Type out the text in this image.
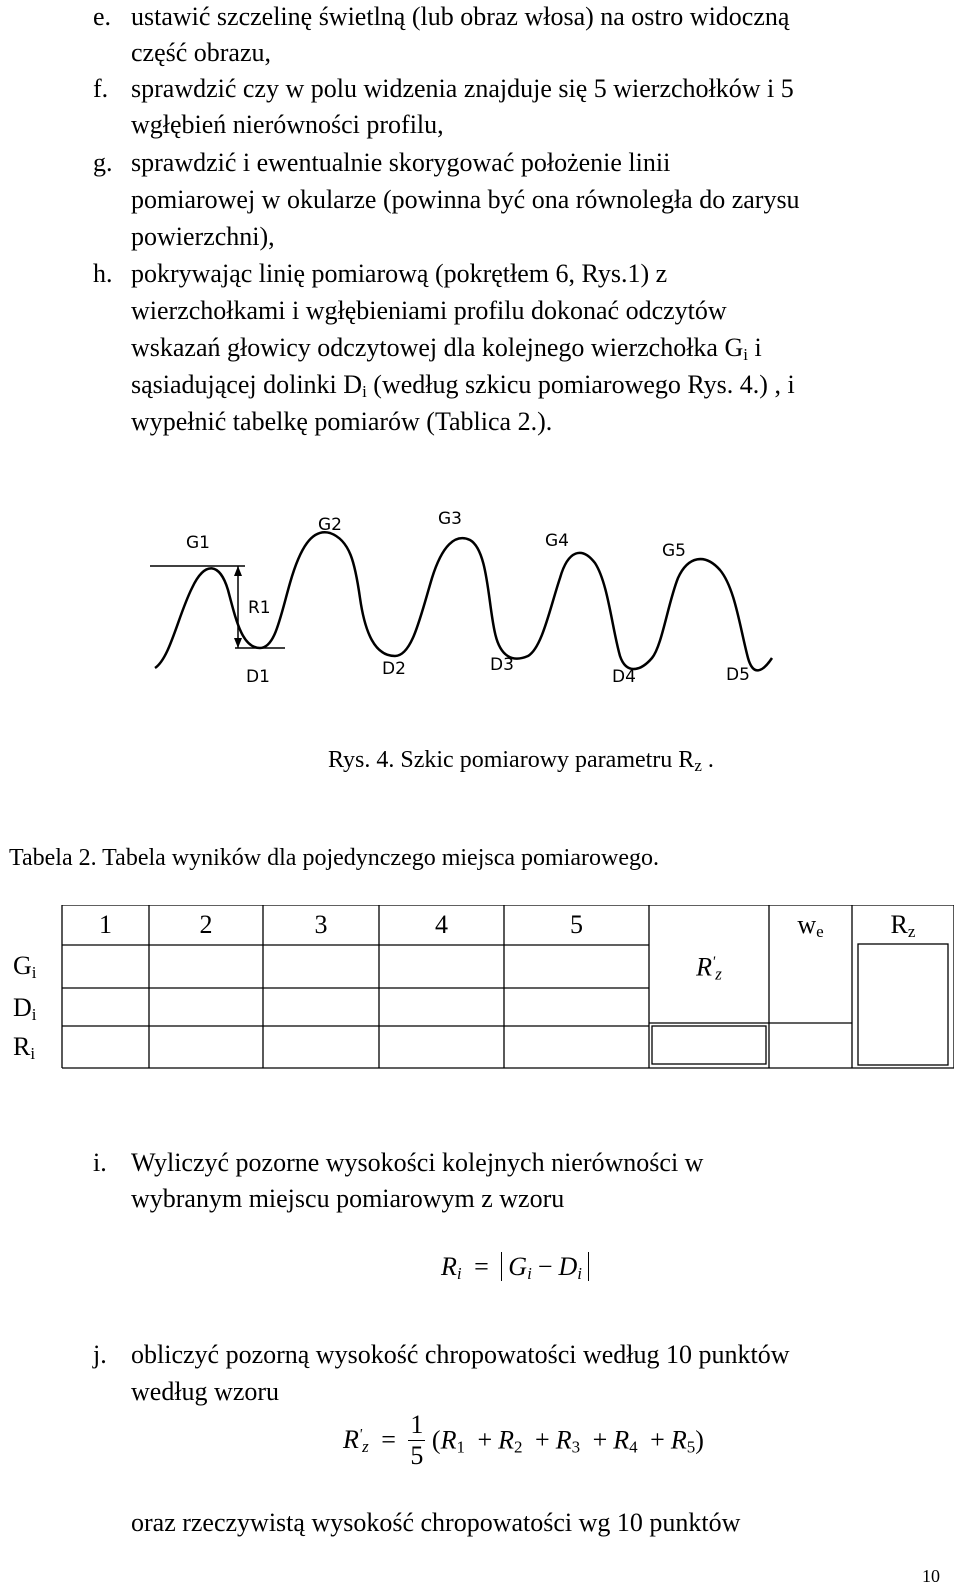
e. ustawić szczelinę świetlną (lub obraz włosa) na ostro widoczną
część obrazu,
f. sprawdzić czy w polu widzenia znajduje się 5 wierzchołków i 5
wgłębień nierówności profilu,
g. sprawdzić i ewentualnie skorygować położenie linii
pomiarowej w okularze (powinna być ona równoległa do zarysu
powierzchni),
h. pokrywając linię pomiarową (pokrętłem 6, Rys.1) z
wierzchołkami i wgłębieniami profilu dokonać odczytów
wskazań głowicy odczytowej dla kolejnego wierzchołka $G_i$ i
sąsiadującej dolinki $D_i$ (według szkicu pomiarowego Rys. 4.) , i
wypełnić tabelkę pomiarów (Tablica 2.).
R1
G1
G2	G3
G4	G5
D1	D2	D3
D4	D5
Rys. 4. Szkic pomiarowy parametru $R_z$ .
Tabela 2. Tabela wyników dla pojedynczego miejsca pomiarowego.
1	2	3	4	5	$w_e$	$R_z$
$R'_z$
$G_i$
$D_i$
$R_i$
i. Wyliczyć pozorne wysokości kolejnych nierówności w
wybranym miejscu pomiarowym z wzoru
$R_i = G_i - D_i$
j. obliczyć pozorną wysokość chropowatości według 10 punktów
według wzoru
$R'_z = \frac{1}{5} (R_1 + R_2 + R_3 + R_4 + R_5)$
oraz rzeczywistą wysokość chropowatości wg 10 punktów
10
